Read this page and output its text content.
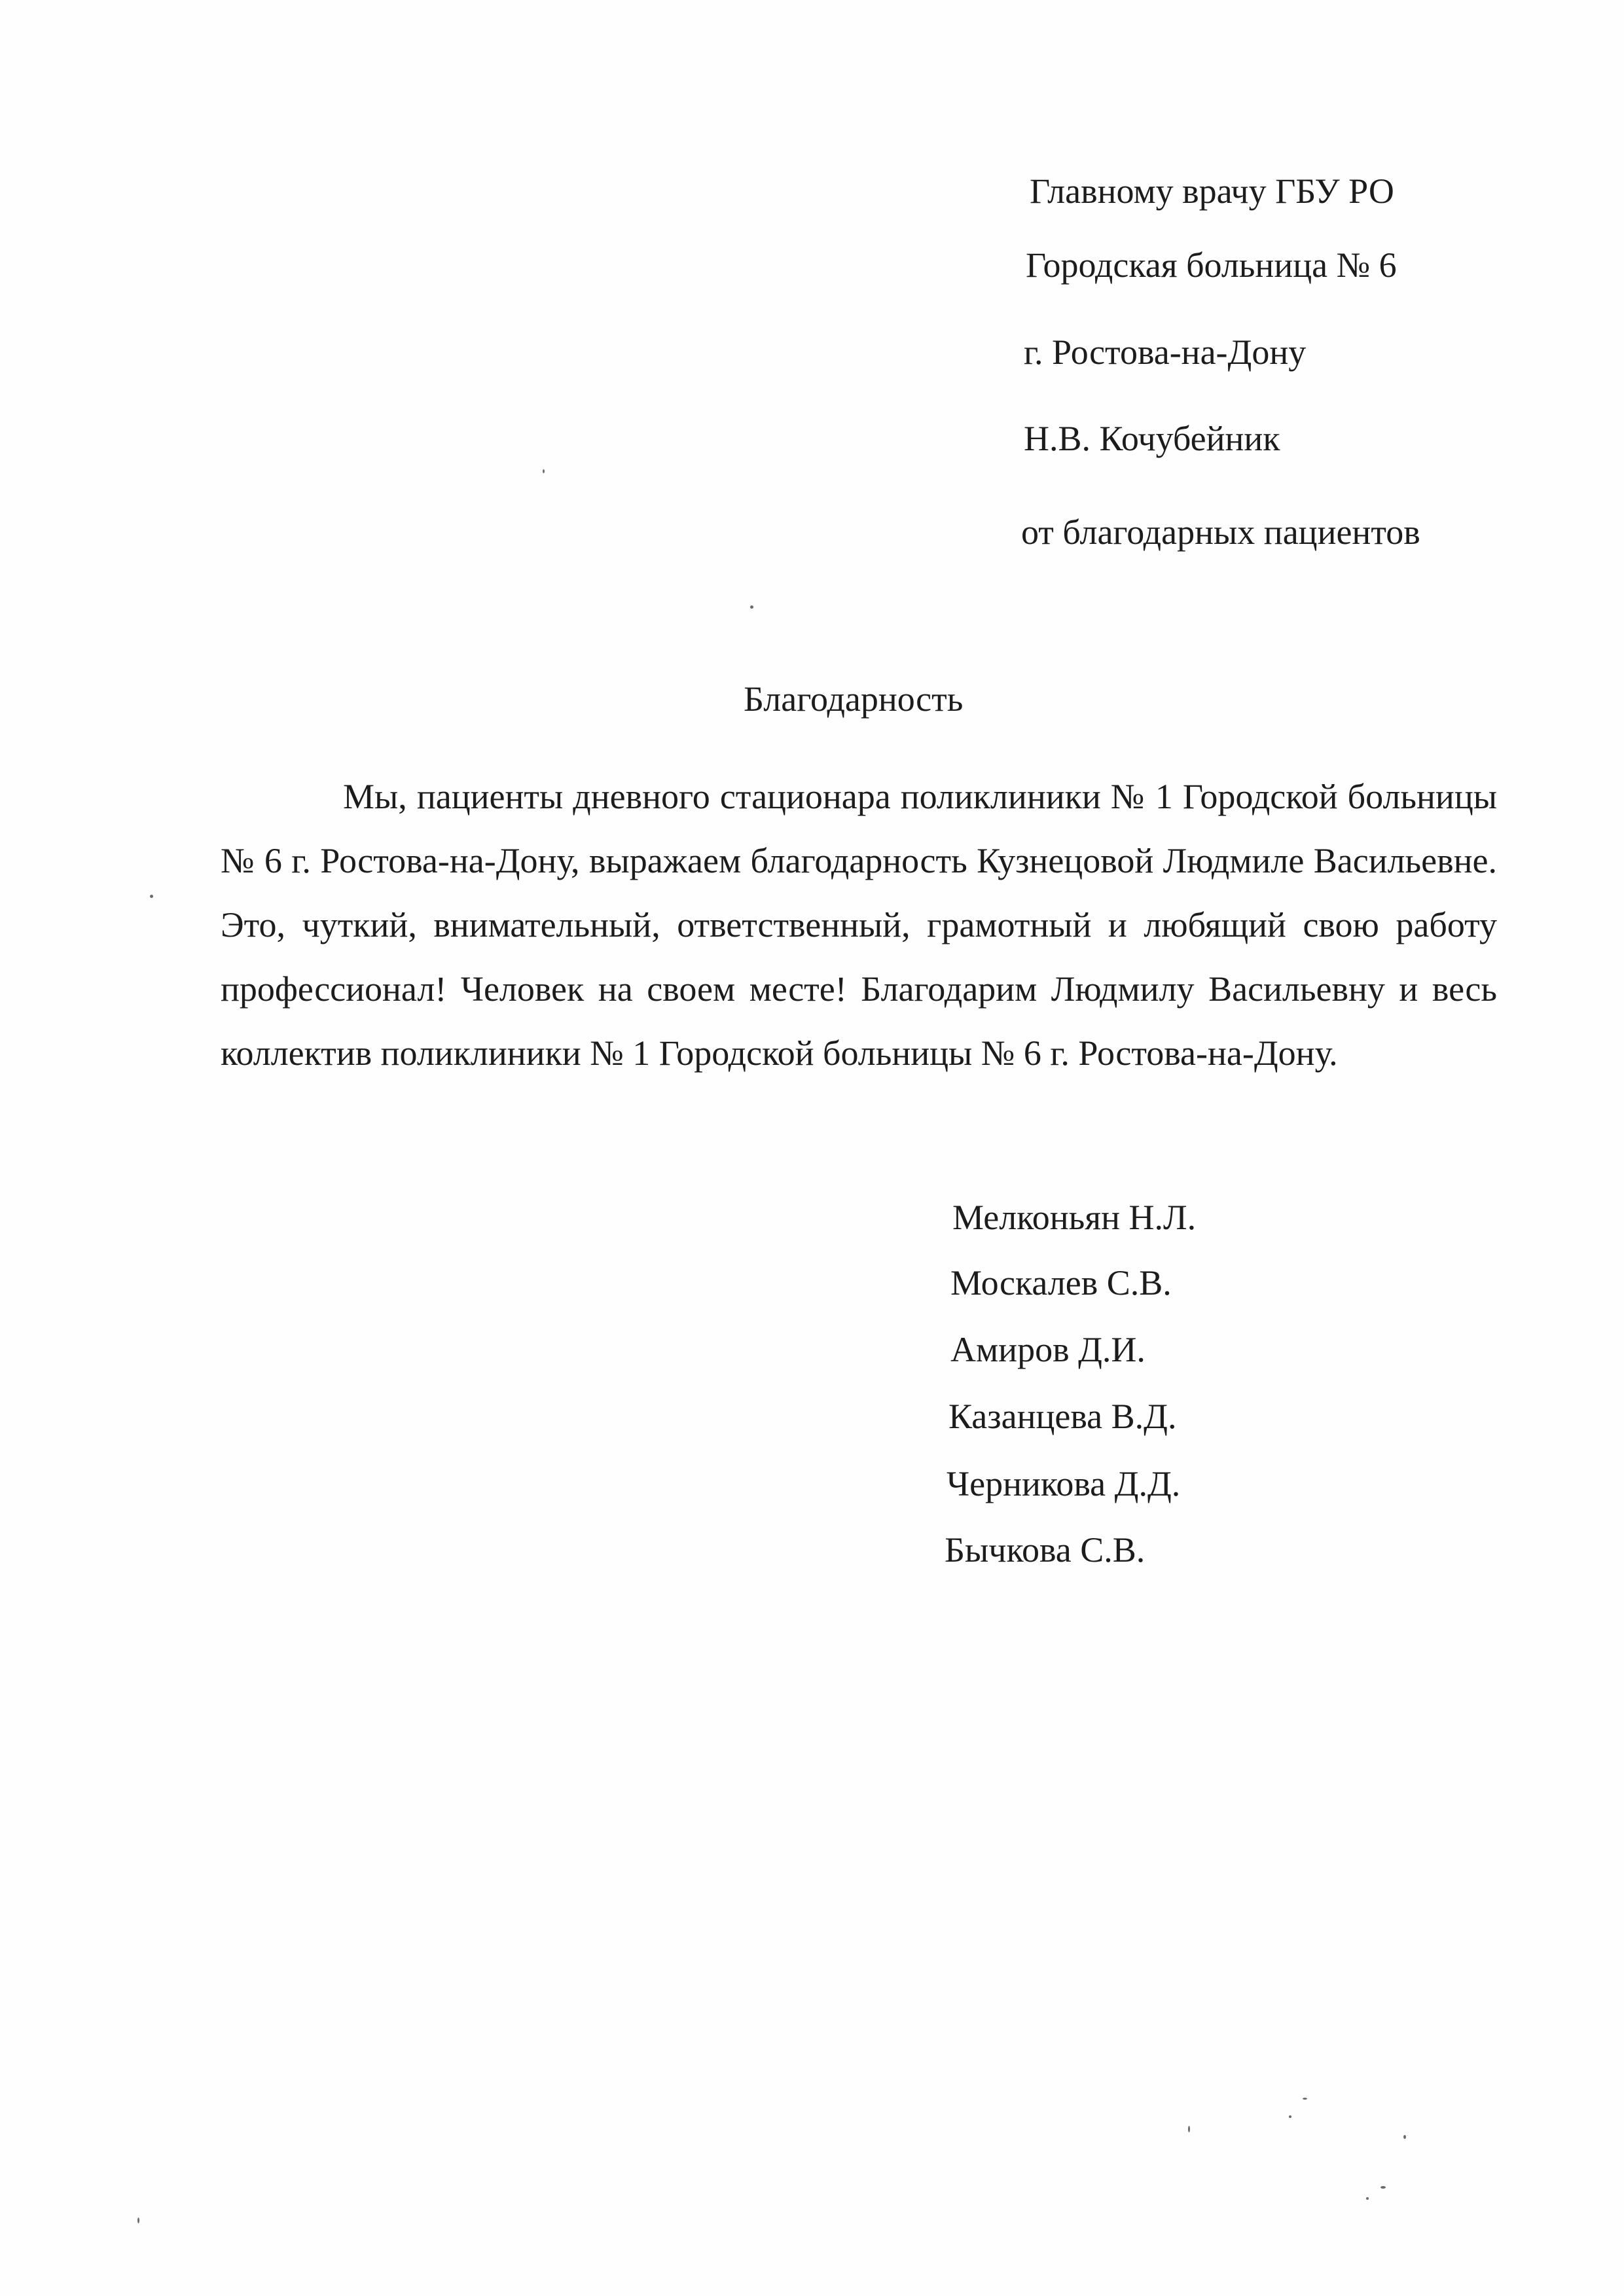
Главному врачу ГБУ РО
Городская больница № 6
г. Ростова-на-Дону
Н.В. Кочубейник
от благодарных пациентов
Благодарность

Мы, пациенты дневного стационара поликлиники № 1 Городской больницы № 6 г. Ростова-на-Дону, выражаем благодарность Кузнецовой Людмиле Васильевне. Это, чуткий, внимательный, ответственный, грамотный и любящий свою работу профессионал! Человек на своем месте! Благодарим Людмилу Васильевну и весь коллектив поликлиники № 1 Городской больницы № 6 г. Ростова-на-Дону.

Мелконьян Н.Л.
Москалев С.В.
Амиров Д.И.
Казанцева В.Д.
Черникова Д.Д.
Бычкова С.В.
